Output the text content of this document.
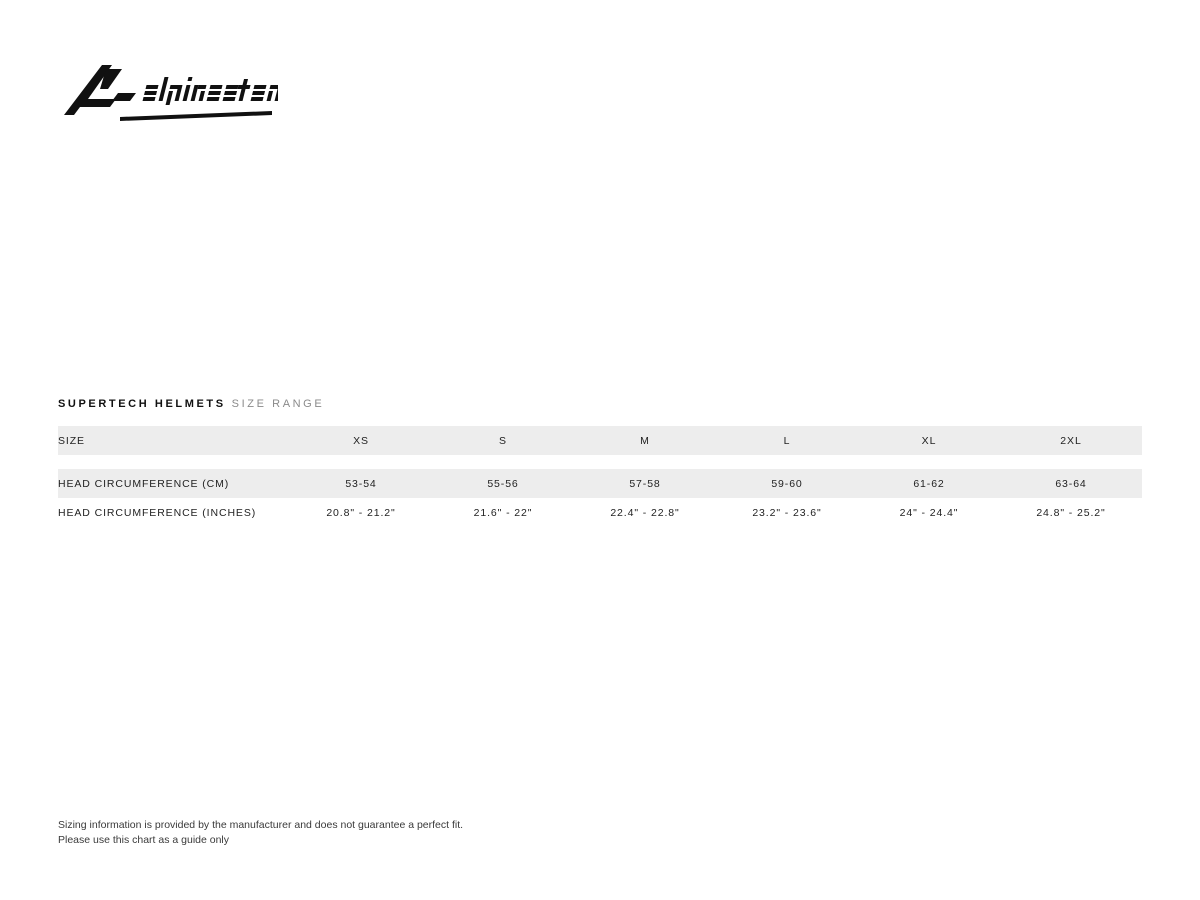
SUPERTECH HELMETS SIZE RANGE
SIZE	XS	S	M	L	XL	2XL

HEAD CIRCUMFERENCE (CM)	53-54	55-56	57-58	59-60	61-62	63-64
HEAD CIRCUMFERENCE (INCHES)	20.8" - 21.2"	21.6" - 22"	22.4" - 22.8"	23.2" - 23.6"	24" - 24.4"	24.8" - 25.2"
Sizing information is provided by the manufacturer and does not guarantee a perfect fit.
Please use this chart as a guide only
